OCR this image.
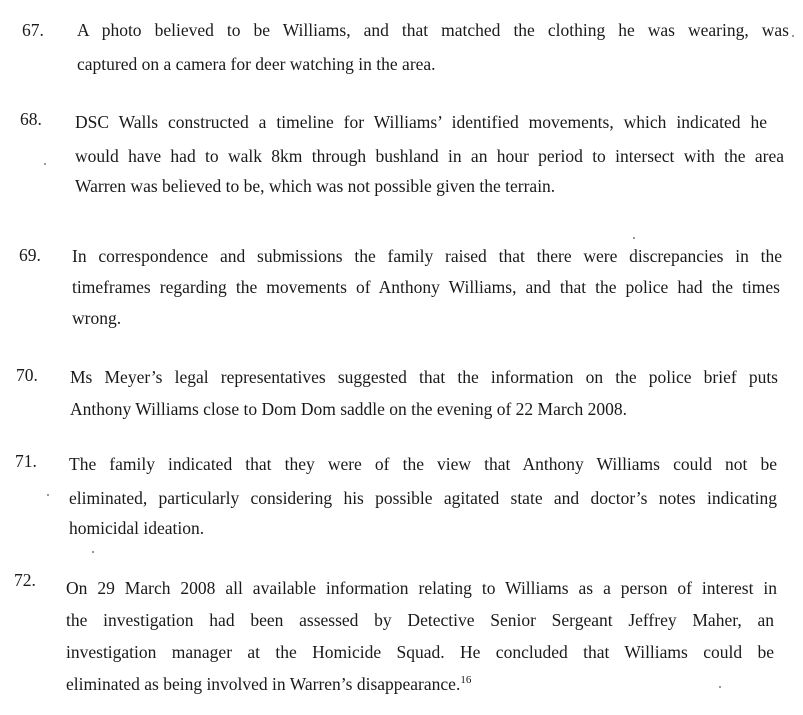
67. A photo believed to be Williams, and that matched the clothing he was wearing, was
captured on a camera for deer watching in the area.
68. DSC Walls constructed a timeline for Williams’ identified movements, which indicated he
would have had to walk 8km through bushland in an hour period to intersect with the area
Warren was believed to be, which was not possible given the terrain.
69. In correspondence and submissions the family raised that there were discrepancies in the
timeframes regarding the movements of Anthony Williams, and that the police had the times
wrong.
70. Ms Meyer’s legal representatives suggested that the information on the police brief puts
Anthony Williams close to Dom Dom saddle on the evening of 22 March 2008.
71. The family indicated that they were of the view that Anthony Williams could not be
eliminated, particularly considering his possible agitated state and doctor’s notes indicating
homicidal ideation.
72. On 29 March 2008 all available information relating to Williams as a person of interest in
the investigation had been assessed by Detective Senior Sergeant Jeffrey Maher, an
investigation manager at the Homicide Squad. He concluded that Williams could be
eliminated as being involved in Warren’s disappearance.$^{16}$
